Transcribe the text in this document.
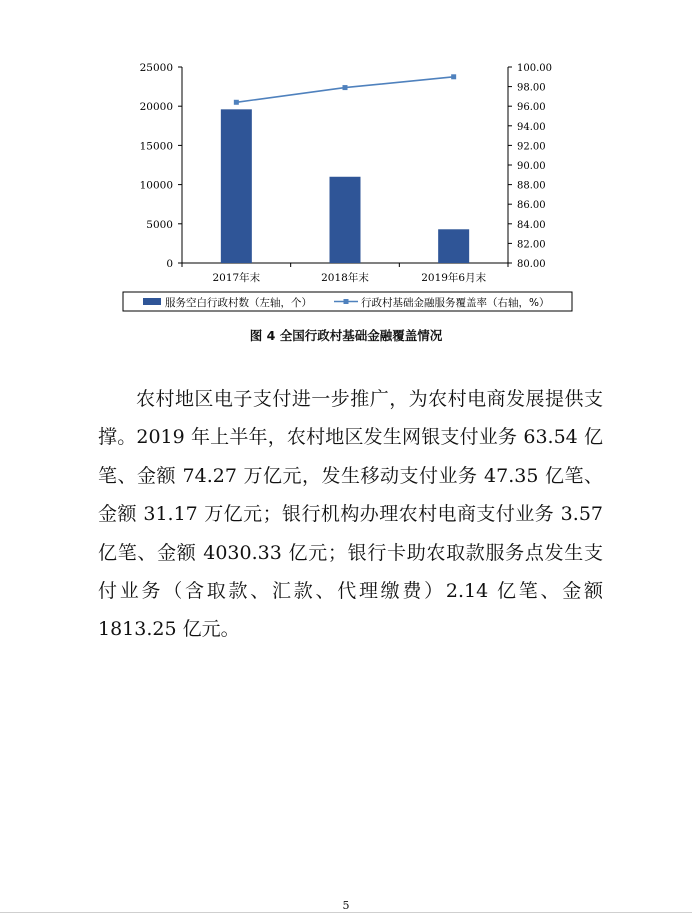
0
5000
10000
15000
20000
25000
80.00
82.00
84.00
86.00
88.00
90.00
92.00
94.00
96.00
98.00
100.00
2017年末	2018年末	2019年6月末
服务空白行政村数（左轴，个）	行政村基础金融服务覆盖率（右轴，%）
图 4 全国行政村基础金融覆盖情况

农村地区电子支付进一步推广，为农村电商发展提供支撑。2019 年上半年，农村地区发生网银支付业务 63.54 亿笔、金额 74.27 万亿元，发生移动支付业务 47.35 亿笔、金额 31.17 万亿元；银行机构办理农村电商支付业务 3.57 亿笔、金额 4030.33 亿元；银行卡助农取款服务点发生支付业务（含取款、汇款、代理缴费）2.14 亿笔、金额 1813.25 亿元。

5
